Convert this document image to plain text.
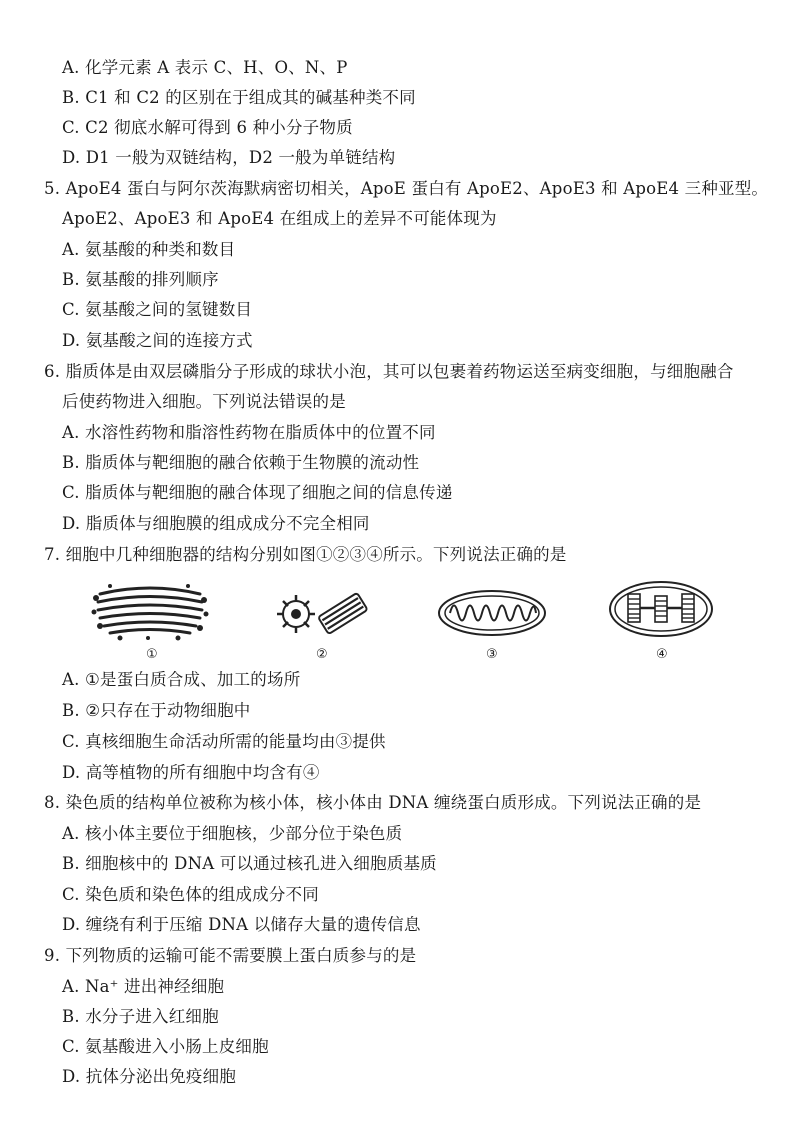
A. 化学元素 A 表示 C、H、O、N、P
B. C1 和 C2 的区别在于组成其的碱基种类不同
C. C2 彻底水解可得到 6 种小分子物质
D. D1 一般为双链结构，D2 一般为单链结构
5. ApoE4 蛋白与阿尔茨海默病密切相关，ApoE 蛋白有 ApoE2、ApoE3 和 ApoE4 三种亚型。
ApoE2、ApoE3 和 ApoE4 在组成上的差异不可能体现为
A. 氨基酸的种类和数目
B. 氨基酸的排列顺序
C. 氨基酸之间的氢键数目
D. 氨基酸之间的连接方式
6. 脂质体是由双层磷脂分子形成的球状小泡，其可以包裹着药物运送至病变细胞，与细胞融合
后使药物进入细胞。下列说法错误的是
A. 水溶性药物和脂溶性药物在脂质体中的位置不同
B. 脂质体与靶细胞的融合依赖于生物膜的流动性
C. 脂质体与靶细胞的融合体现了细胞之间的信息传递
D. 脂质体与细胞膜的组成成分不完全相同
7. 细胞中几种细胞器的结构分别如图①②③④所示。下列说法正确的是
①	②	③	④
A. ①是蛋白质合成、加工的场所
B. ②只存在于动物细胞中
C. 真核细胞生命活动所需的能量均由③提供
D. 高等植物的所有细胞中均含有④
8. 染色质的结构单位被称为核小体，核小体由 DNA 缠绕蛋白质形成。下列说法正确的是
A. 核小体主要位于细胞核，少部分位于染色质
B. 细胞核中的 DNA 可以通过核孔进入细胞质基质
C. 染色质和染色体的组成成分不同
D. 缠绕有利于压缩 DNA 以储存大量的遗传信息
9. 下列物质的运输可能不需要膜上蛋白质参与的是
A. Na⁺ 进出神经细胞
B. 水分子进入红细胞
C. 氨基酸进入小肠上皮细胞
D. 抗体分泌出免疫细胞
